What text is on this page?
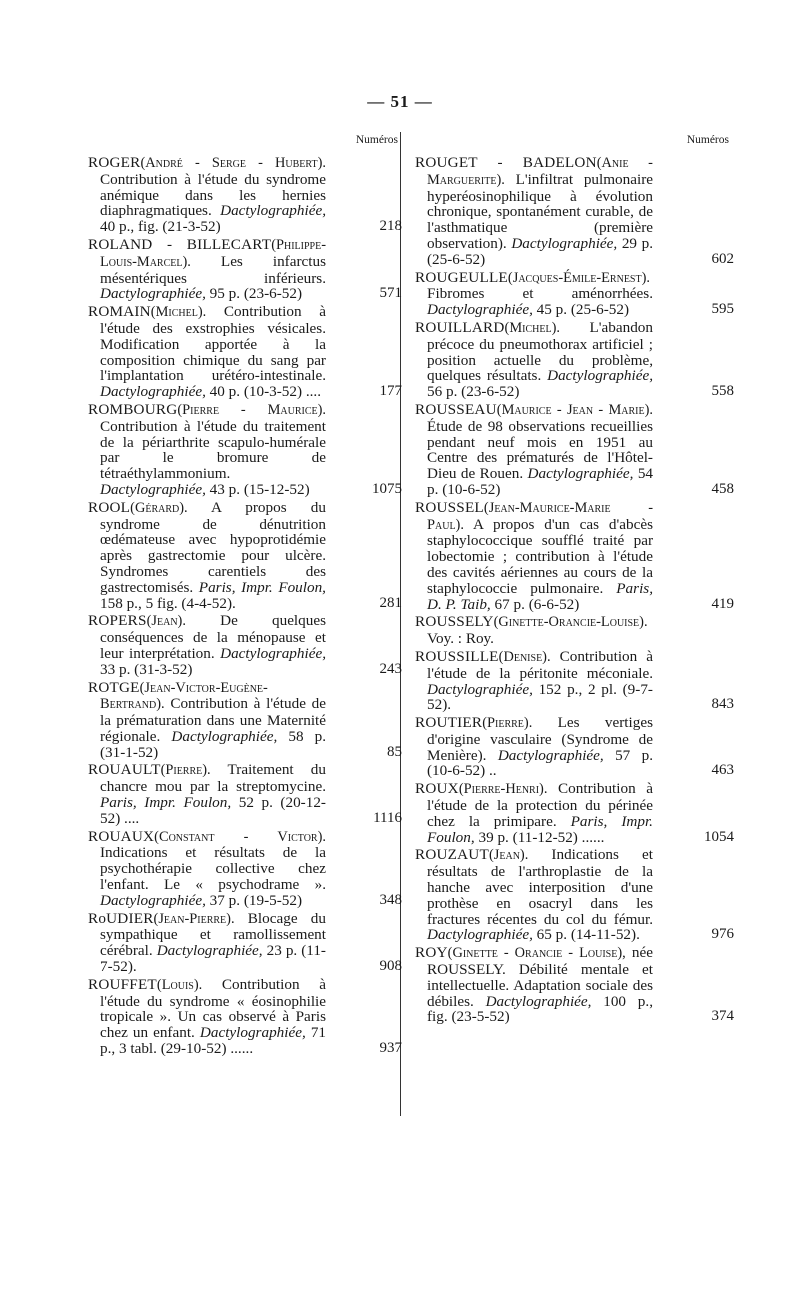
— 51 —
Numéros
ROGER(André - Serge - Hubert). Contribution à l'étude du syndrome anémique dans les hernies diaphragmatiques. Dactylographiée, 40 p., fig. (21-3-52)	218
ROLAND - BILLECART(Philippe-Louis-Marcel). Les infarctus mésentériques inférieurs. Dactylographiée, 95 p. (23-6-52)	571
ROMAIN(Michel). Contribution à l'étude des exstrophies vésicales. Modification apportée à la composition chimique du sang par l'implantation urétéro-intestinale. Dactylographiée, 40 p. (10-3-52) ....	177
ROMBOURG(Pierre - Maurice). Contribution à l'étude du traitement de la périarthrite scapulo-humérale par le bromure de tétraéthylammonium. Dactylographiée, 43 p. (15-12-52)	1075
ROOL(Gérard). A propos du syndrome de dénutrition œdémateuse avec hypoprotidémie après gastrectomie pour ulcère. Syndromes carentiels des gastrectomisés. Paris, Impr. Foulon, 158 p., 5 fig. (4-4-52).	281
ROPERS(Jean). De quelques conséquences de la ménopause et leur interprétation. Dactylographiée, 33 p. (31-3-52)	243
ROTGE(Jean-Victor-Eugène-Bertrand). Contribution à l'étude de la prématuration dans une Maternité régionale. Dactylographiée, 58 p. (31-1-52)	85
ROUAULT(Pierre). Traitement du chancre mou par la streptomycine. Paris, Impr. Foulon, 52 p. (20-12-52) ....	1116
ROUAUX(Constant - Victor). Indications et résultats de la psychothérapie collective chez l'enfant. Le « psychodrame ». Dactylographiée, 37 p. (19-5-52)	348
RoUDIER(Jean-Pierre). Blocage du sympathique et ramollissement cérébral. Dactylographiée, 23 p. (11-7-52).	908
ROUFFET(Louis). Contribution à l'étude du syndrome « éosinophilie tropicale ». Un cas observé à Paris chez un enfant. Dactylographiée, 71 p., 3 tabl. (29-10-52) ......	937
Numéros
ROUGET - BADELON(Anie - Marguerite). L'infiltrat pulmonaire hyperéosinophilique à évolution chronique, spontanément curable, de l'asthmatique (première observation). Dactylographiée, 29 p. (25-6-52)	602
ROUGEULLE(Jacques-Émile-Ernest). Fibromes et aménorrhées. Dactylographiée, 45 p. (25-6-52)	595
ROUILLARD(Michel). L'abandon précoce du pneumothorax artificiel ; position actuelle du problème, quelques résultats. Dactylographiée, 56 p. (23-6-52)	558
ROUSSEAU(Maurice - Jean - Marie). Étude de 98 observations recueillies pendant neuf mois en 1951 au Centre des prématurés de l'Hôtel-Dieu de Rouen. Dactylographiée, 54 p. (10-6-52)	458
ROUSSEL(Jean-Maurice-Marie - Paul). A propos d'un cas d'abcès staphylococcique soufflé traité par lobectomie ; contribution à l'étude des cavités aériennes au cours de la staphylococcie pulmonaire. Paris, D. P. Taib, 67 p. (6-6-52)	419
ROUSSELY(Ginette-Orancie-Louise). Voy. : Roy.
ROUSSILLE(Denise). Contribution à l'étude de la péritonite méconiale. Dactylographiée, 152 p., 2 pl. (9-7-52).	843
ROUTIER(Pierre). Les vertiges d'origine vasculaire (Syndrome de Menière). Dactylographiée, 57 p. (10-6-52) ..	463
ROUX(Pierre-Henri). Contribution à l'étude de la protection du périnée chez la primipare. Paris, Impr. Foulon, 39 p. (11-12-52) ......	1054
ROUZAUT(Jean). Indications et résultats de l'arthroplastie de la hanche avec interposition d'une prothèse en osacryl dans les fractures récentes du col du fémur. Dactylographiée, 65 p. (14-11-52).	976
ROY(Ginette - Orancie - Louise), née ROUSSELY. Débilité mentale et intellectuelle. Adaptation sociale des débiles. Dactylographiée, 100 p., fig. (23-5-52)	374
